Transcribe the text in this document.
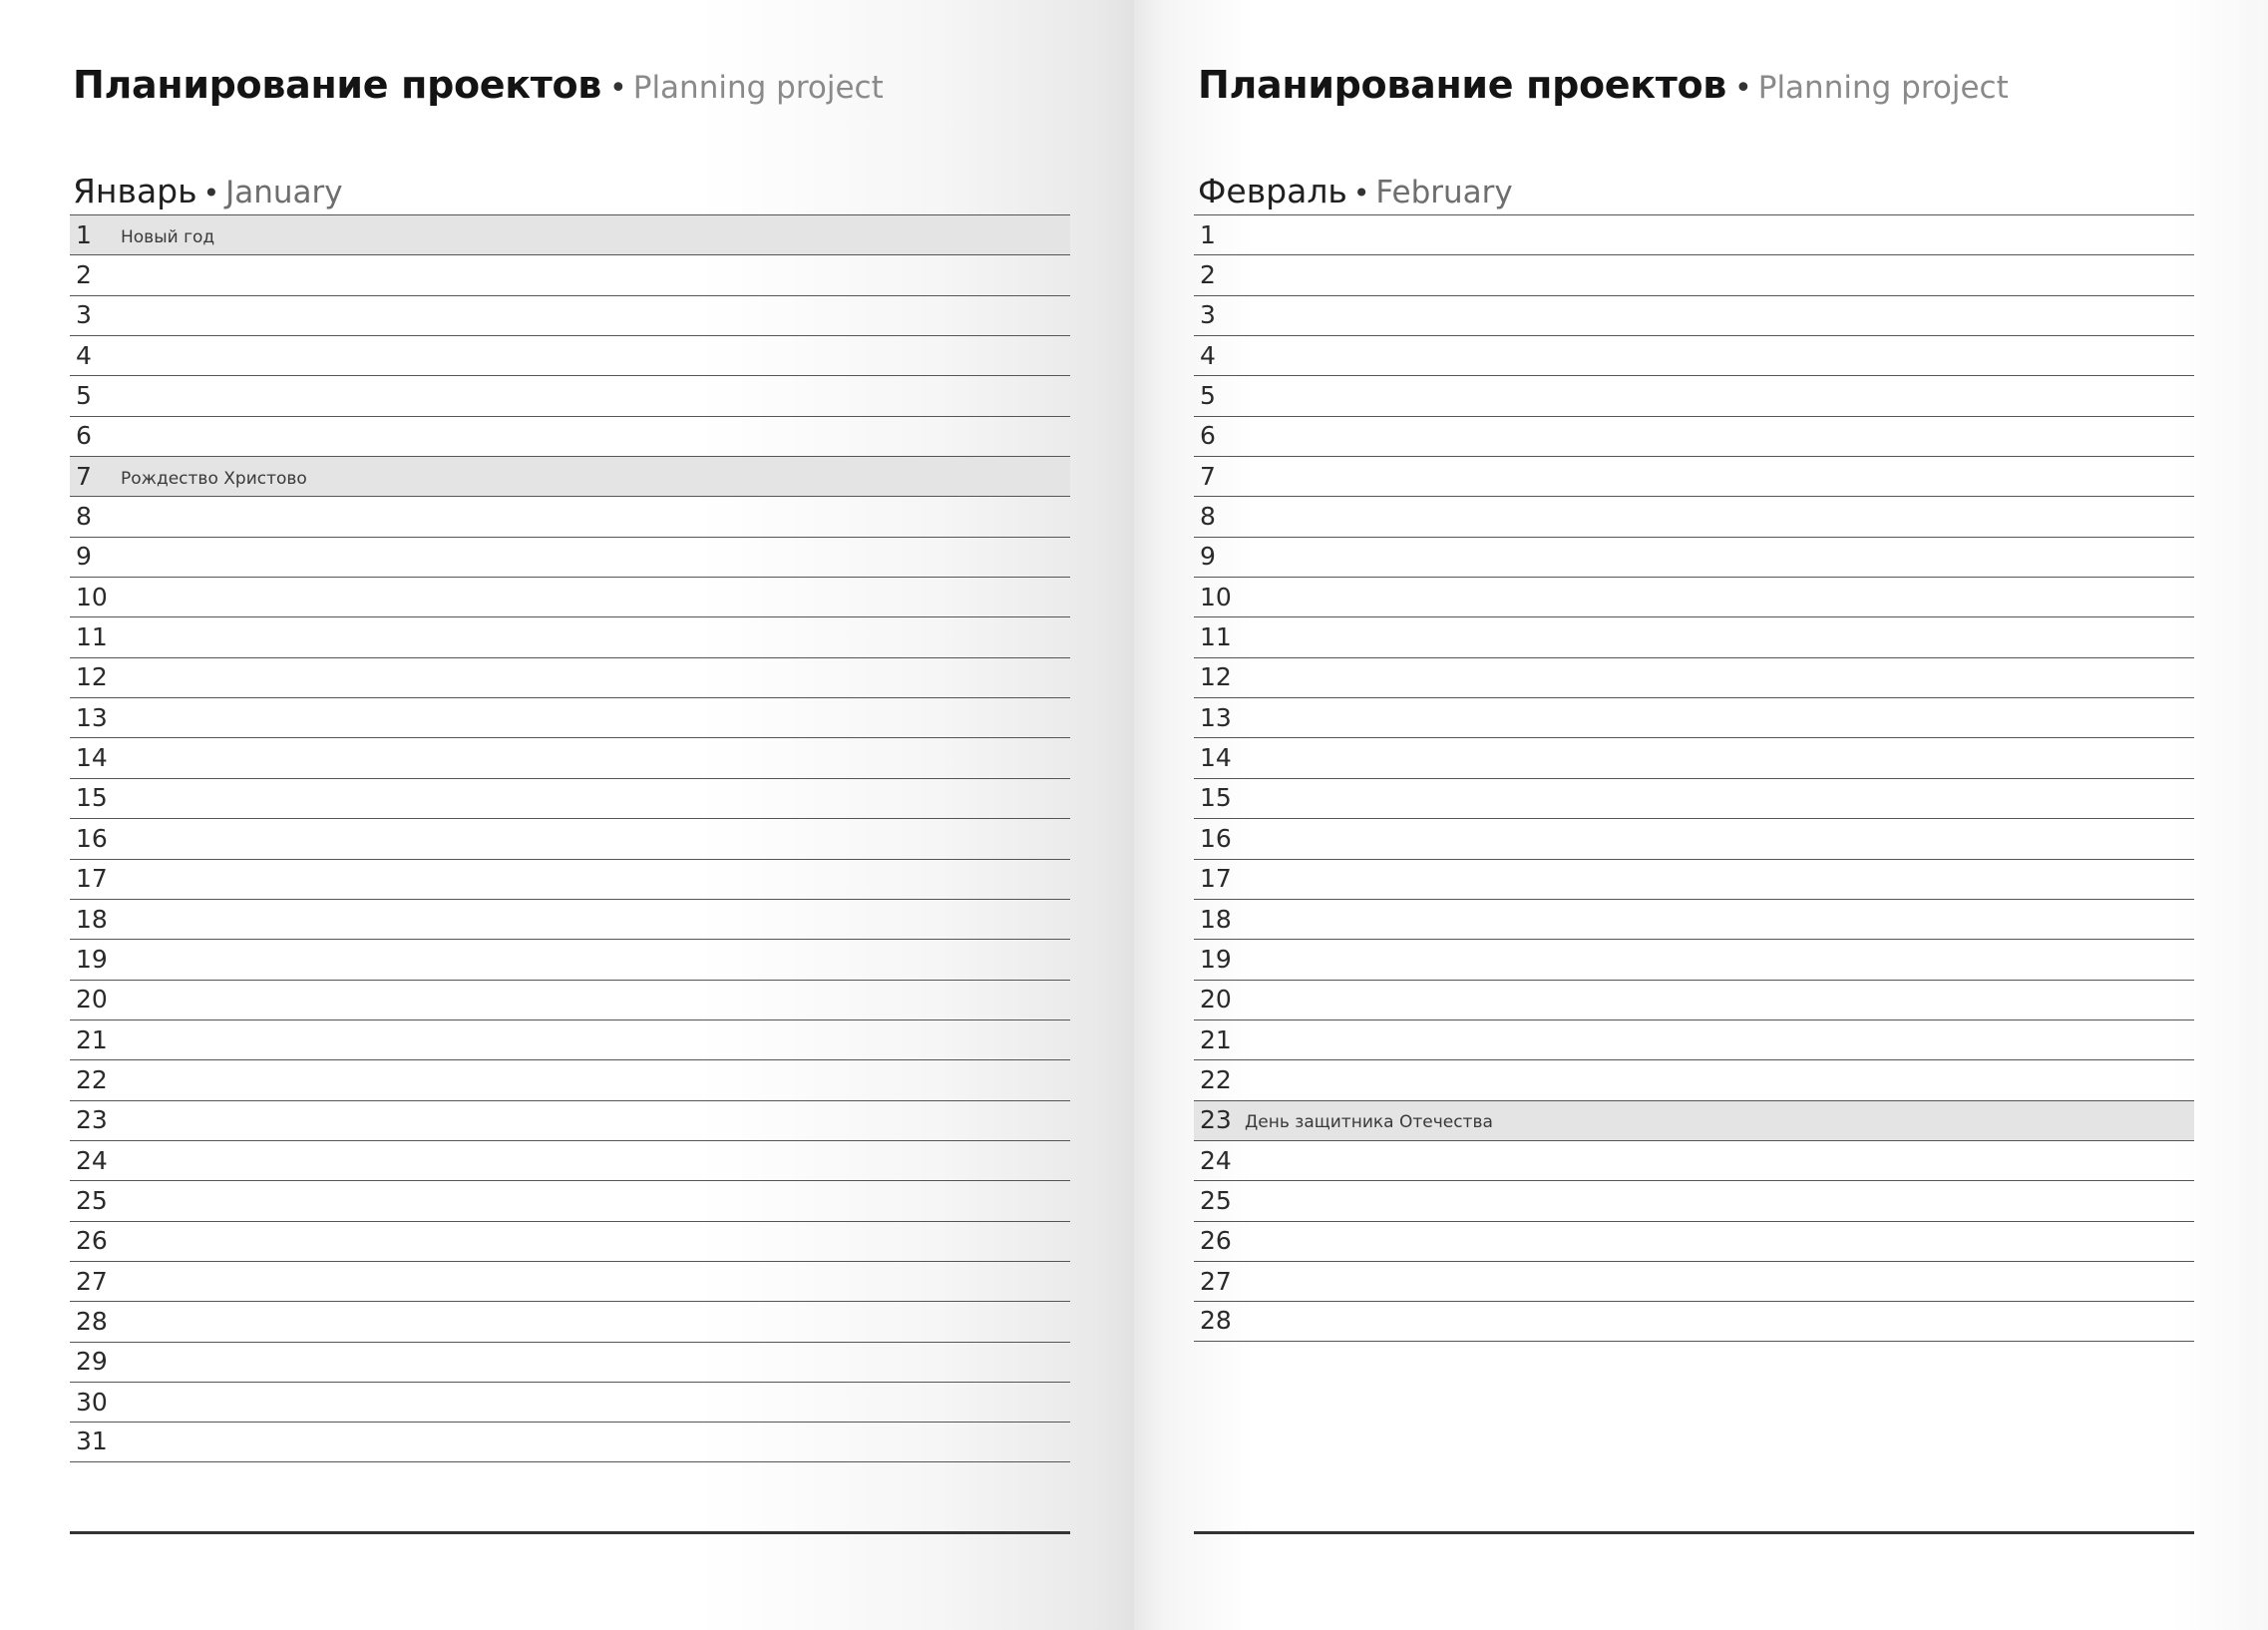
Планирование проектов • Planning project
Январь • January
1	Новый год
2
3
4
5
6
7	Рождество Христово
8
9
10
11
12
13
14
15
16
17
18
19
20
21
22
23
24
25
26
27
28
29
30
31
Планирование проектов • Planning project
Февраль • February
1
2
3
4
5
6
7
8
9
10
11
12
13
14
15
16
17
18
19
20
21
22
23 День защитника Отечества
24
25
26
27
28
